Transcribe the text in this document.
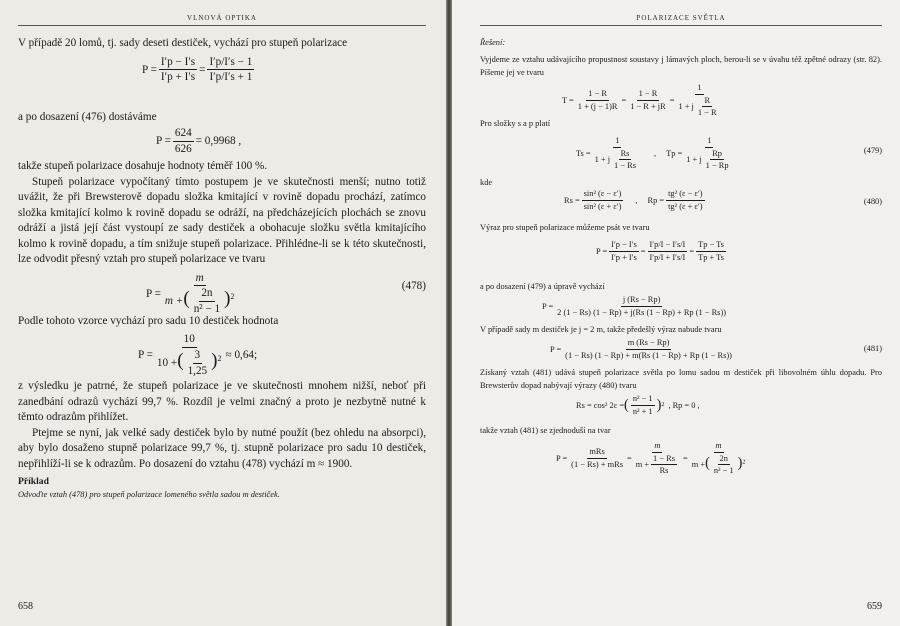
VLNOVÁ OPTIKA

V případě 20 lomů, tj. sady deseti destiček, vychází pro stupeň polarizace

$P = \frac{I'p - I's}{I'p + I's} = \frac{I'p/I's - 1}{I'p/I's + 1}$

a po dosazení (476) dostáváme

$P = \frac{624}{626} = 0,9968$ ,

takže stupeň polarizace dosahuje hodnoty téměř 100 %.

Stupeň polarizace vypočítaný tímto postupem je ve skutečnosti menší; nutno totiž uvážit, že při Brewsterově dopadu složka kmitající v rovině dopadu prochází, zatímco složka kmitající kolmo k rovině dopadu se odráží, na předcházejících plochách se znovu odráží a jistá její část vystoupí ze sady destiček a obohacuje složku světla kmitajícího kolmo k rovině dopadu, a tím snižuje stupeň polarizace. Přihlédne-li se k této skutečnosti, lze odvodit přesný vztah pro stupeň polarizace ve tvaru

$P = \frac{m}{m +( \frac{2n}{\text{n² − 1}} )^2}$	(478)

Podle tohoto vzorce vychází pro sadu 10 destiček hodnota

$P = \frac{10}{10 +( \frac{3}{1,25} )^2} \approx 0,64$;

z výsledku je patrné, že stupeň polarizace je ve skutečnosti mnohem nižší, neboť při zanedbání odrazů vychází 99,7 %. Rozdíl je velmi značný a proto je nezbytně nutné k těmto odrazům přihlížet.

Ptejme se nyní, jak velké sady destiček bylo by nutné použít (bez ohledu na absorpci), aby bylo dosaženo stupně polarizace 99,7 %, tj. stupně polarizace pro sadu 10 destiček, nepřihlíží-li se k odrazům. Po dosazení do vztahu (478) vychází m ≈ 1900.

Příklad

Odvoďte vztah (478) pro stupeň polarizace lomeného světla sadou m destiček.

658
POLARIZACE SVĚTLA

Řešení:

Vyjdeme ze vztahu udávajícího propustnost soustavy j lámavých ploch, berou-li se v úvahu též zpětné odrazy (str. 82). Píšeme jej ve tvaru

$T = \frac{1 - R}{1 + (j - 1)R} = \frac{1 - R}{1 - R + jR} = \frac{1}{1 + j \frac{R}{1 - R}}$

Pro složky s a p platí

$Ts = \frac{1}{1 + j \frac{Rs}{1 - Rs}}$ , $Tp = \frac{1}{1 + j \frac{Rp}{1 - Rp}}$	(479)

kde

$Rs = \frac{\text{sin² (ε − ε′)}}{\text{sin² (ε + ε′)}}$ , $Rp = \frac{\text{tg² (ε − ε′)}}{\text{tg² (ε + ε′)}}$	(480)

Výraz pro stupeň polarizace můžeme psát ve tvaru

$P = \frac{I'p - I's}{I'p + I's} = \frac{I'p/I - I's/I}{I'p/I + I's/I} = \frac{Tp - Ts}{Tp + Ts}$

a po dosazení (479) a úpravě vychází

$P = \frac{j (Rs - Rp)}{2 (1 - Rs) (1 - Rp) + j(Rs (1 - Rp) + Rp (1 - Rs))}$

V případě sady m destiček je j = 2 m, takže předešlý výraz nabude tvaru

$P = \frac{m (Rs - Rp)}{(1 - Rs) (1 - Rp) + m(Rs (1 - Rp) + Rp (1 - Rs))}$	(481)

Získaný vztah (481) udává stupeň polarizace světla po lomu sadou m destiček při libovolném úhlu dopadu. Pro Brewsterův dopad nabývají výrazy (480) tvaru

Rs = cos² 2ε = ( $\frac{\text{n² − 1}}{\text{n² + 1}}$ ) 2 , Rp = 0 ,

takže vztah (481) se zjednoduší na tvar

$P = \frac{\text{mRs}}{\text{(1 − Rs) + mRs}} = \frac{m}{m + \frac{1 - Rs}{Rs}} = \frac{m}{m +( \frac{2n}{\text{n² − 1}} )^2}$
659
